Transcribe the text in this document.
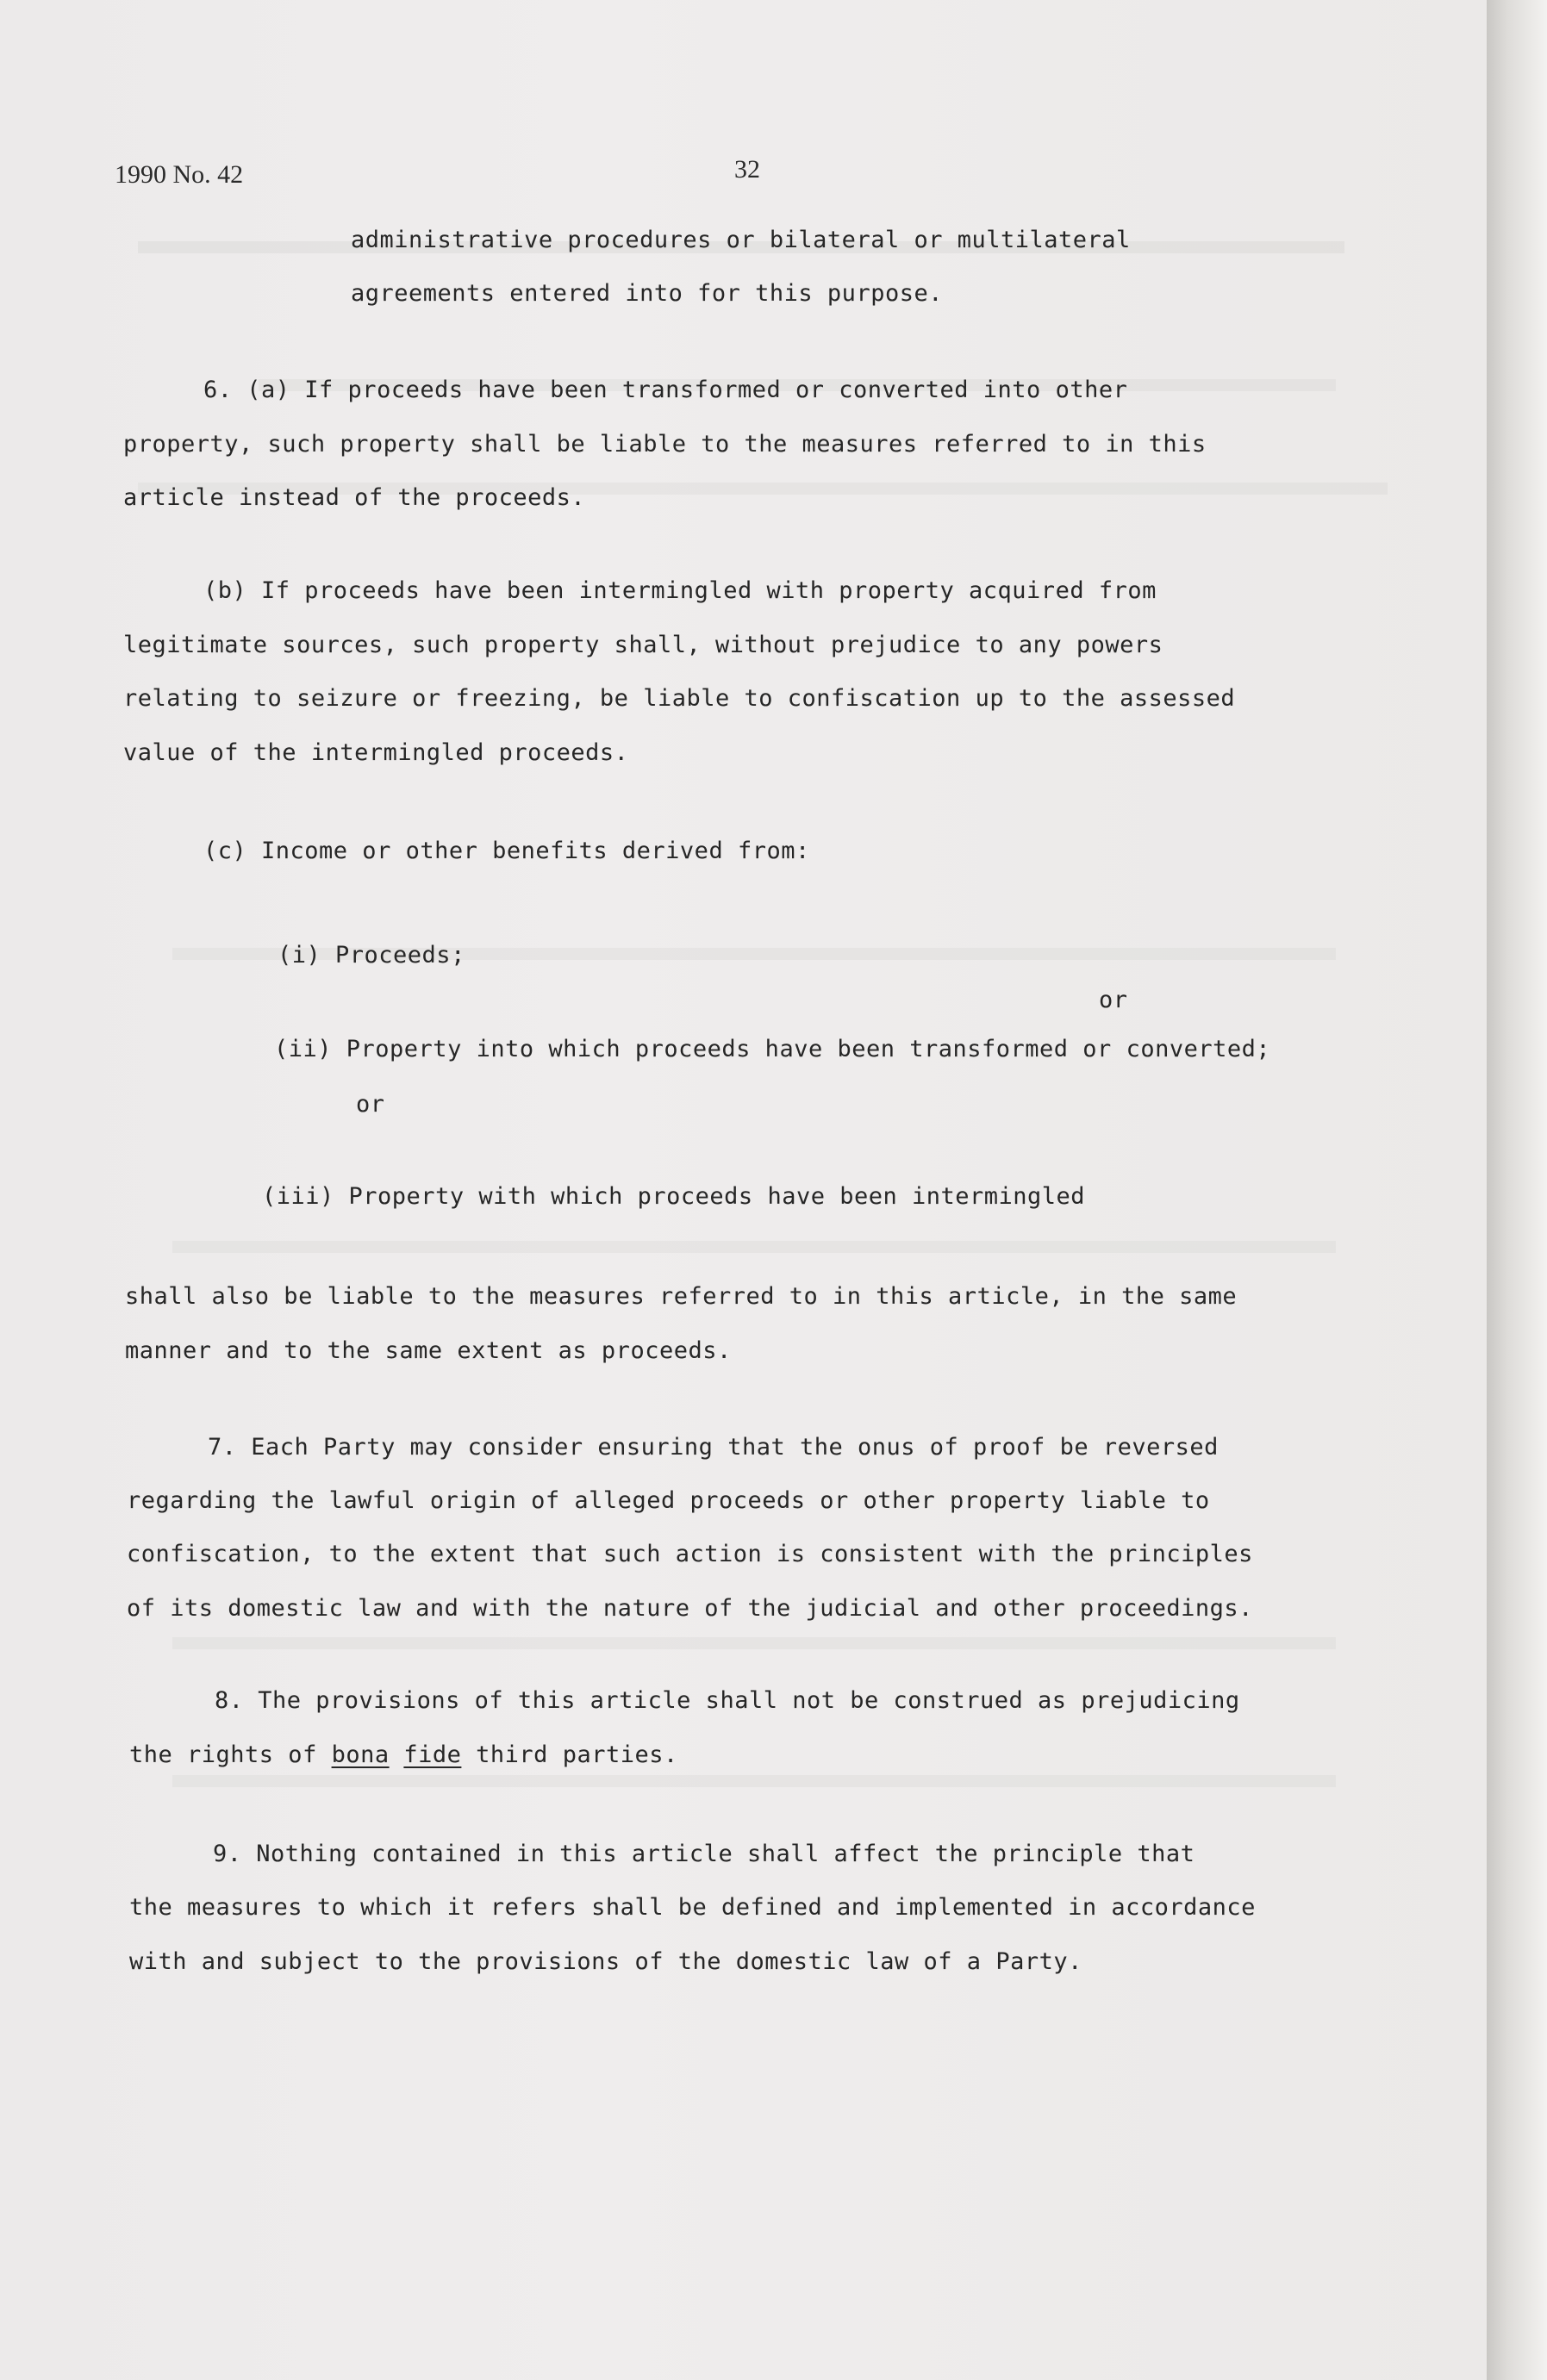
1990 No. 42	32
administrative procedures or bilateral or multilateral
agreements entered into for this purpose.
6. (a) If proceeds have been transformed or converted into other
property, such property shall be liable to the measures referred to in this
article instead of the proceeds.
(b) If proceeds have been intermingled with property acquired from
legitimate sources, such property shall, without prejudice to any powers
relating to seizure or freezing, be liable to confiscation up to the assessed
value of the intermingled proceeds.
(c) Income or other benefits derived from:
(i) Proceeds;
or
(ii) Property into which proceeds have been transformed or converted;
or
(iii) Property with which proceeds have been intermingled
shall also be liable to the measures referred to in this article, in the same
manner and to the same extent as proceeds.
7. Each Party may consider ensuring that the onus of proof be reversed
regarding the lawful origin of alleged proceeds or other property liable to
confiscation, to the extent that such action is consistent with the principles
of its domestic law and with the nature of the judicial and other proceedings.
8. The provisions of this article shall not be construed as prejudicing
the rights of bona fide third parties.
9. Nothing contained in this article shall affect the principle that
the measures to which it refers shall be defined and implemented in accordance
with and subject to the provisions of the domestic law of a Party.
